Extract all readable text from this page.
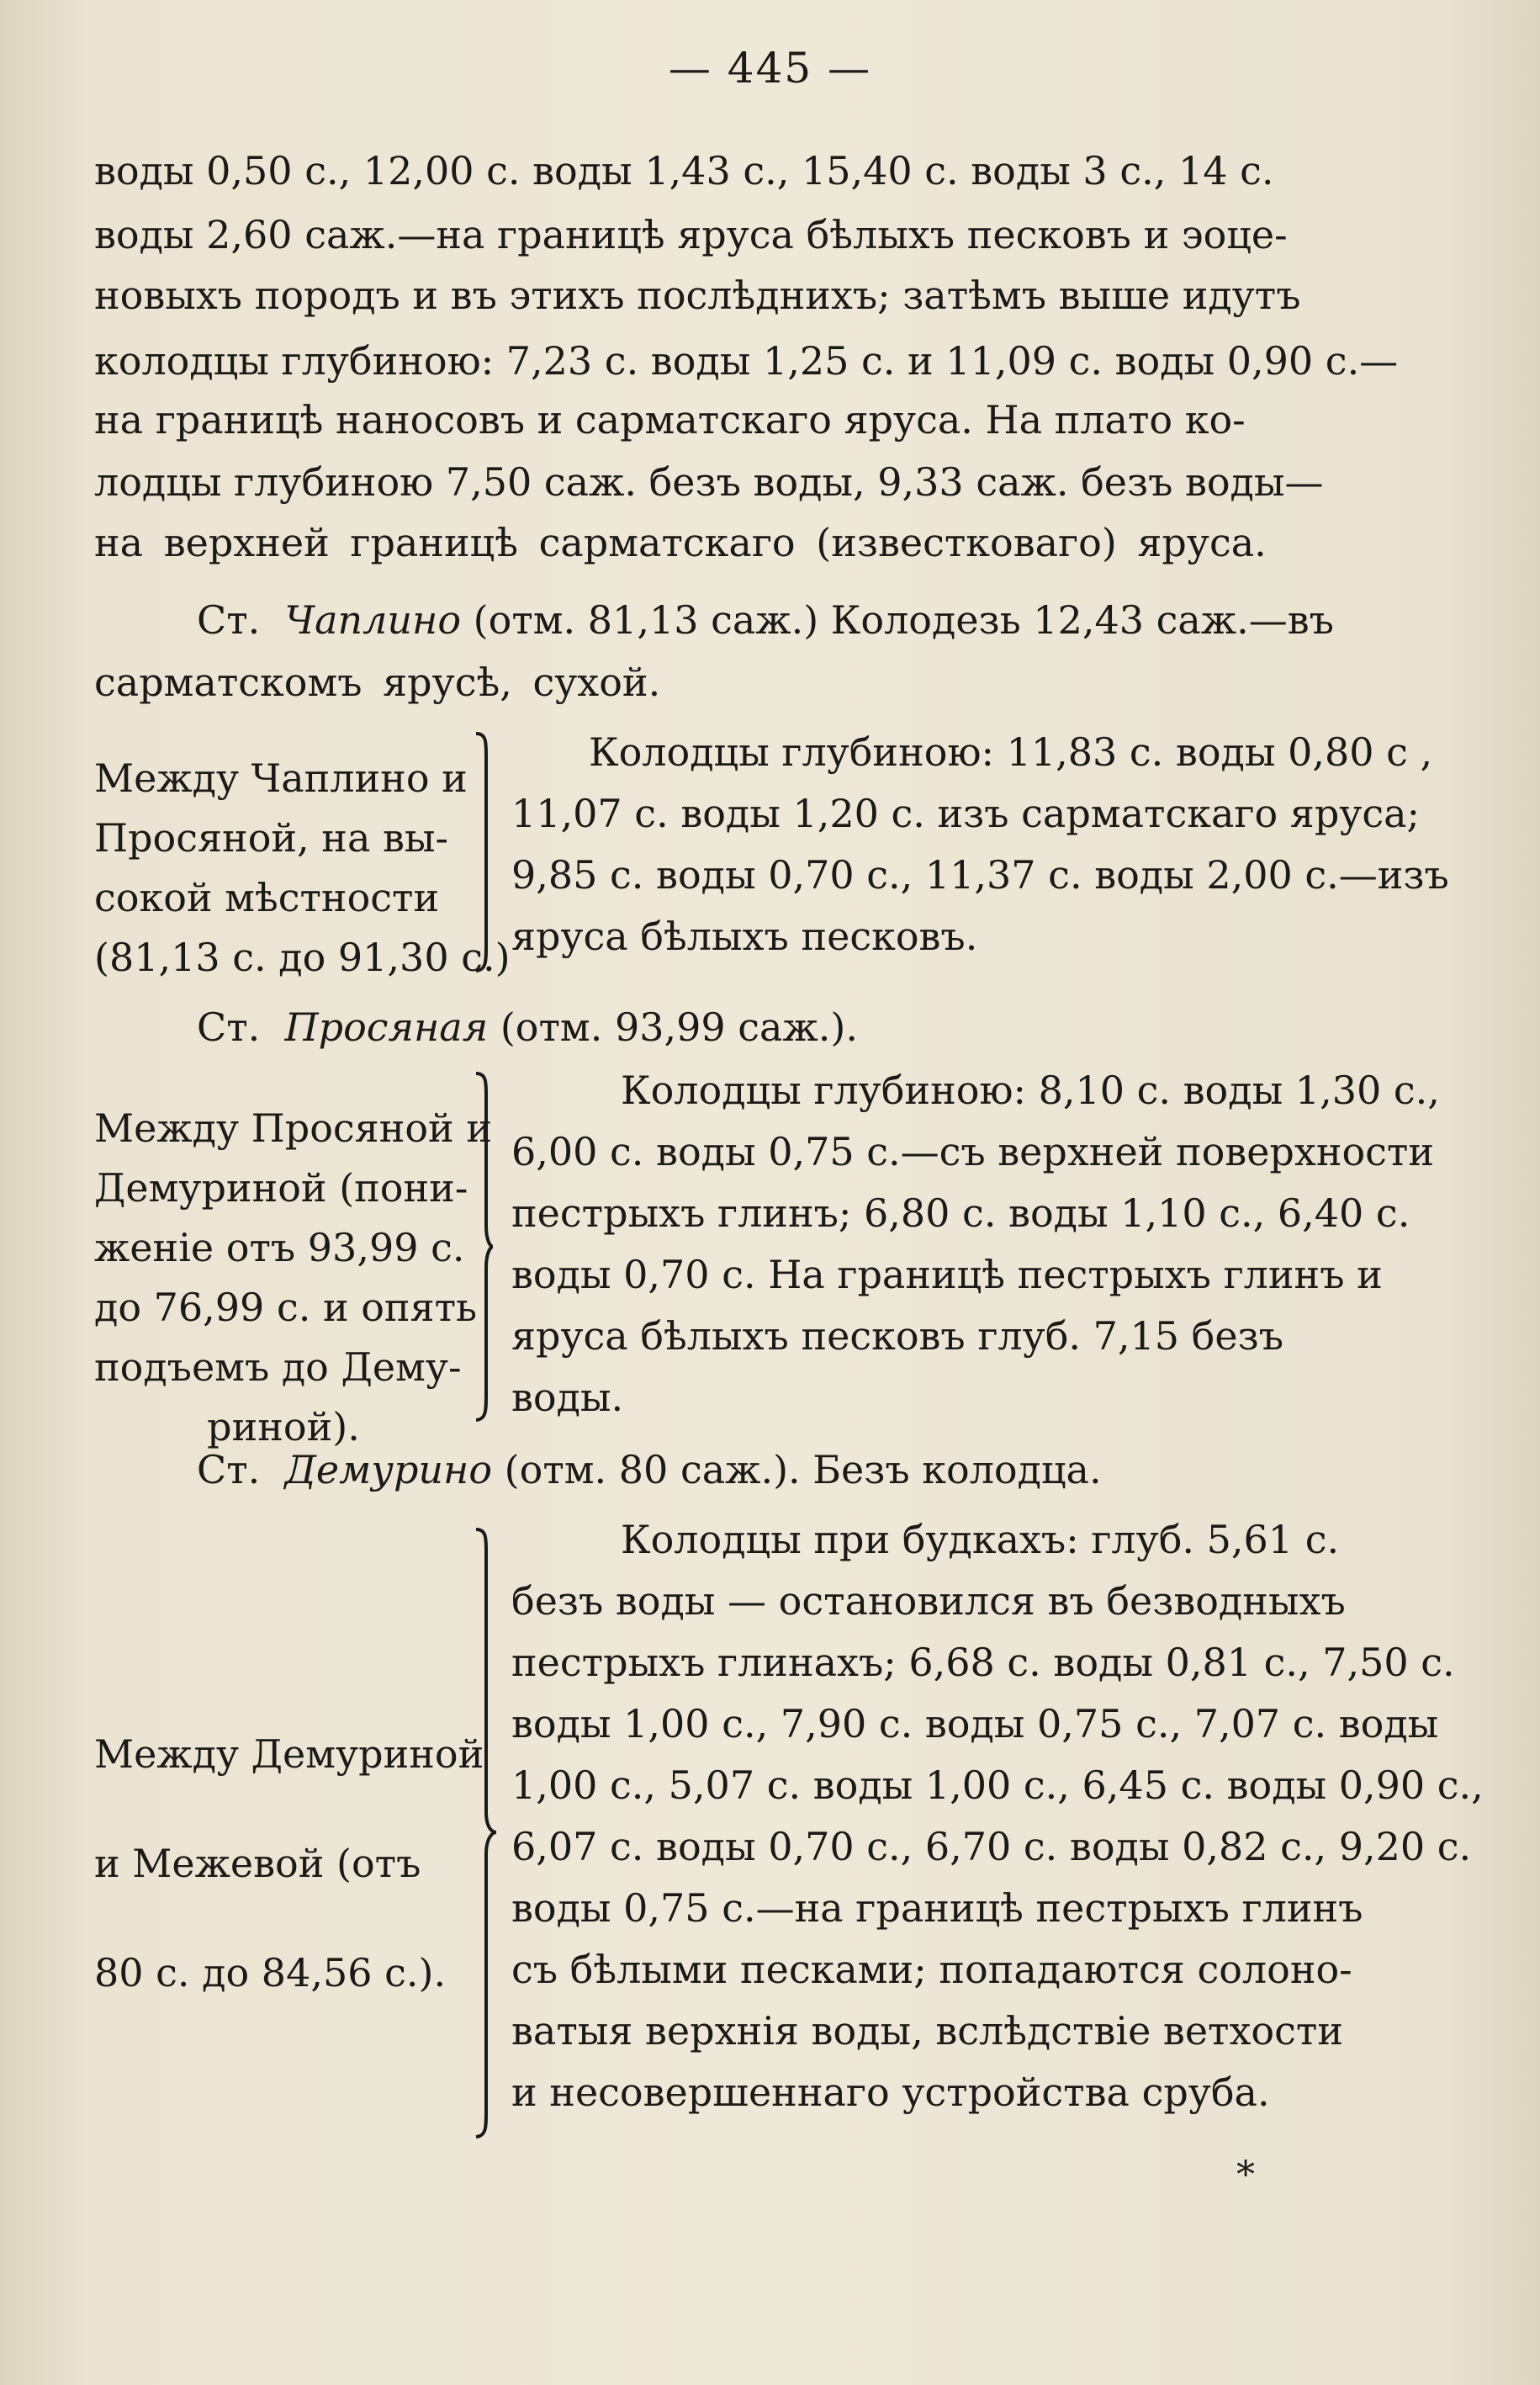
— 445 —
воды 0,50 с., 12,00 с. воды 1,43 с., 15,40 с. воды 3 с., 14 с.
воды 2,60 саж.—на границѣ яруса бѣлыхъ песковъ и эоце-
новыхъ породъ и въ этихъ послѣднихъ; затѣмъ выше идутъ
колодцы глубиною: 7,23 с. воды 1,25 с. и 11,09 с. воды 0,90 с.—
на границѣ наносовъ и сарматскаго яруса. На плато ко-
лодцы глубиною 7,50 саж. безъ воды, 9,33 саж. безъ воды—
на верхней границѣ сарматскаго (известковаго) яруса.
Ст.
Чаплино
(отм. 81,13 саж.) Колодезь 12,43 саж.—въ
сарматскомъ ярусѣ, сухой.
Между Чаплино и
Просяной, на вы-
сокой мѣстности
(81,13 с. до 91,30 с.)
Колодцы глубиною: 11,83 с. воды 0,80 с ,
11,07 с. воды 1,20 с. изъ сарматскаго яруса;
9,85 с. воды 0,70 с., 11,37 с. воды 2,00 с.—изъ
яруса бѣлыхъ песковъ.
Ст.
Просяная
(отм. 93,99 саж.).
Между Просяной и
Демуриной (пони-
женіе отъ 93,99 с.
до 76,99 с. и опять
подъемъ до Дему-
риной).
Колодцы глубиною: 8,10 с. воды 1,30 с.,
6,00 с. воды 0,75 с.—съ верхней поверхности
пестрыхъ глинъ; 6,80 с. воды 1,10 с., 6,40 с.
воды 0,70 с. На границѣ пестрыхъ глинъ и
яруса бѣлыхъ песковъ глуб. 7,15 безъ
воды.
Ст.
Демурино
(отм. 80 саж.). Безъ колодца.
Между Демуриной
и Межевой (отъ
80 с. до 84,56 с.).
Колодцы при будкахъ: глуб. 5,61 с.
безъ воды — остановился въ безводныхъ
пестрыхъ глинахъ; 6,68 с. воды 0,81 с., 7,50 с.
воды 1,00 с., 7,90 с. воды 0,75 с., 7,07 с. воды
1,00 с., 5,07 с. воды 1,00 с., 6,45 с. воды 0,90 с.,
6,07 с. воды 0,70 с., 6,70 с. воды 0,82 с., 9,20 с.
воды 0,75 с.—на границѣ пестрыхъ глинъ
съ бѣлыми песками; попадаются солоно-
ватыя верхнія воды, вслѣдствіе ветхости
и несовершеннаго устройства сруба.
*
